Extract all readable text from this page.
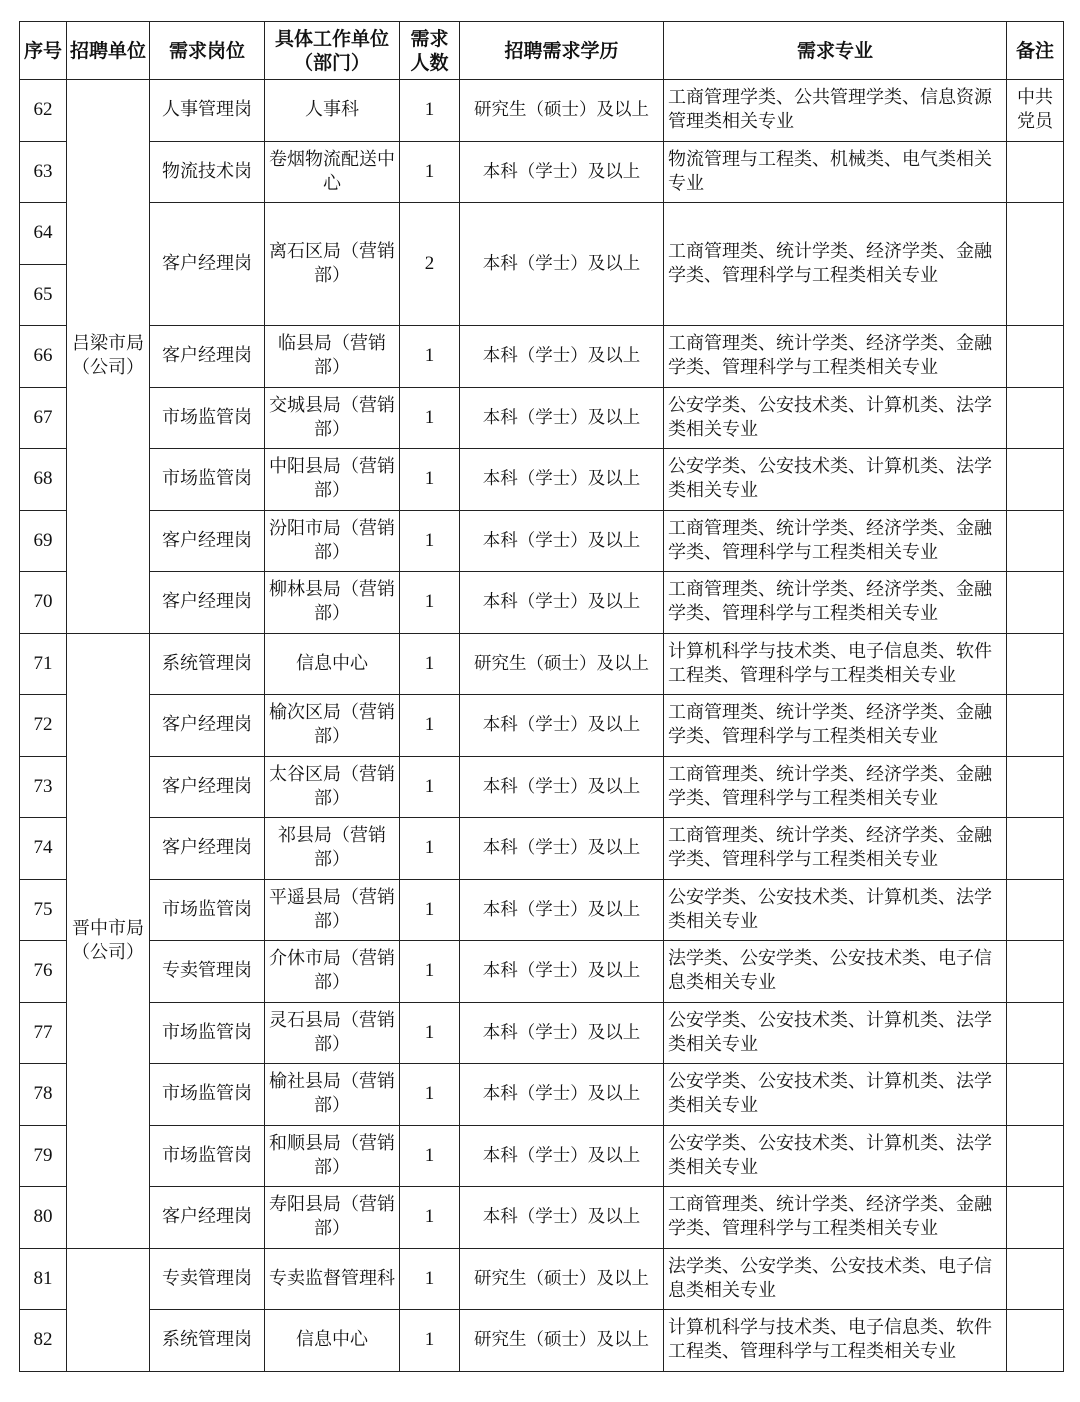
序号	招聘单位	需求岗位	具体工作单位（部门）	需求人数	招聘需求学历	需求专业	备注
62	吕梁市局（公司）	人事管理岗	人事科	1	研究生（硕士）及以上	工商管理学类、公共管理学类、信息资源管理类相关专业	中共党员
63		物流技术岗	卷烟物流配送中心	1	本科（学士）及以上	物流管理与工程类、机械类、电气类相关专业	
64		客户经理岗	离石区局（营销部）	2	本科（学士）及以上	工商管理类、统计学类、经济学类、金融学类、管理科学与工程类相关专业	
65							
66		客户经理岗	临县局（营销部）	1	本科（学士）及以上	工商管理类、统计学类、经济学类、金融学类、管理科学与工程类相关专业	
67		市场监管岗	交城县局（营销部）	1	本科（学士）及以上	公安学类、公安技术类、计算机类、法学类相关专业	
68		市场监管岗	中阳县局（营销部）	1	本科（学士）及以上	公安学类、公安技术类、计算机类、法学类相关专业	
69		客户经理岗	汾阳市局（营销部）	1	本科（学士）及以上	工商管理类、统计学类、经济学类、金融学类、管理科学与工程类相关专业	
70		客户经理岗	柳林县局（营销部）	1	本科（学士）及以上	工商管理类、统计学类、经济学类、金融学类、管理科学与工程类相关专业	
71	晋中市局（公司）	系统管理岗	信息中心	1	研究生（硕士）及以上	计算机科学与技术类、电子信息类、软件工程类、管理科学与工程类相关专业	
72		客户经理岗	榆次区局（营销部）	1	本科（学士）及以上	工商管理类、统计学类、经济学类、金融学类、管理科学与工程类相关专业	
73		客户经理岗	太谷区局（营销部）	1	本科（学士）及以上	工商管理类、统计学类、经济学类、金融学类、管理科学与工程类相关专业	
74		客户经理岗	祁县局（营销部）	1	本科（学士）及以上	工商管理类、统计学类、经济学类、金融学类、管理科学与工程类相关专业	
75		市场监管岗	平遥县局（营销部）	1	本科（学士）及以上	公安学类、公安技术类、计算机类、法学类相关专业	
76		专卖管理岗	介休市局（营销部）	1	本科（学士）及以上	法学类、公安学类、公安技术类、电子信息类相关专业	
77		市场监管岗	灵石县局（营销部）	1	本科（学士）及以上	公安学类、公安技术类、计算机类、法学类相关专业	
78		市场监管岗	榆社县局（营销部）	1	本科（学士）及以上	公安学类、公安技术类、计算机类、法学类相关专业	
79		市场监管岗	和顺县局（营销部）	1	本科（学士）及以上	公安学类、公安技术类、计算机类、法学类相关专业	
80		客户经理岗	寿阳县局（营销部）	1	本科（学士）及以上	工商管理类、统计学类、经济学类、金融学类、管理科学与工程类相关专业	
81		专卖管理岗	专卖监督管理科	1	研究生（硕士）及以上	法学类、公安学类、公安技术类、电子信息类相关专业	
82		系统管理岗	信息中心	1	研究生（硕士）及以上	计算机科学与技术类、电子信息类、软件工程类、管理科学与工程类相关专业	
